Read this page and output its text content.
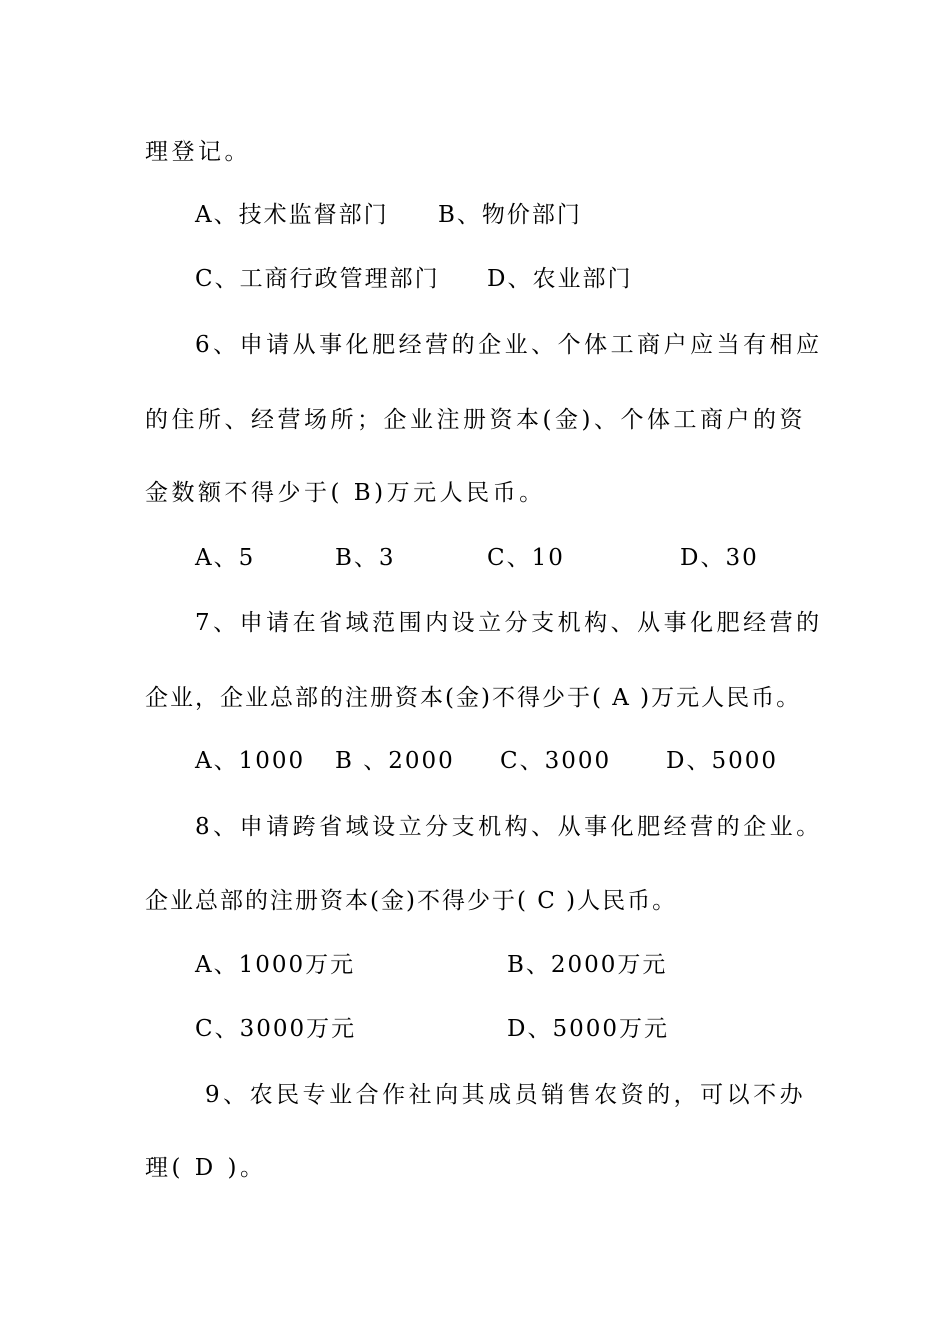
理登记。
A、技术监督部门 B、物价部门
C、工商行政管理部门 D、农业部门
6、申请从事化肥经营的企业、个体工商户应当有相应
的住所、经营场所；企业注册资本(金)、个体工商户的资
金数额不得少于( B)万元人民币。
A、5	B、3	C、10	D、30
7、申请在省域范围内设立分支机构、从事化肥经营的
企业，企业总部的注册资本(金)不得少于( A )万元人民币。
A、1000 B 、2000 C、3000 D、5000
8、申请跨省域设立分支机构、从事化肥经营的企业。
企业总部的注册资本(金)不得少于( C )人民币。
A、1000万元	B、2000万元
C、3000万元	D、5000万元
9、农民专业合作社向其成员销售农资的，可以不办
理( D )。
